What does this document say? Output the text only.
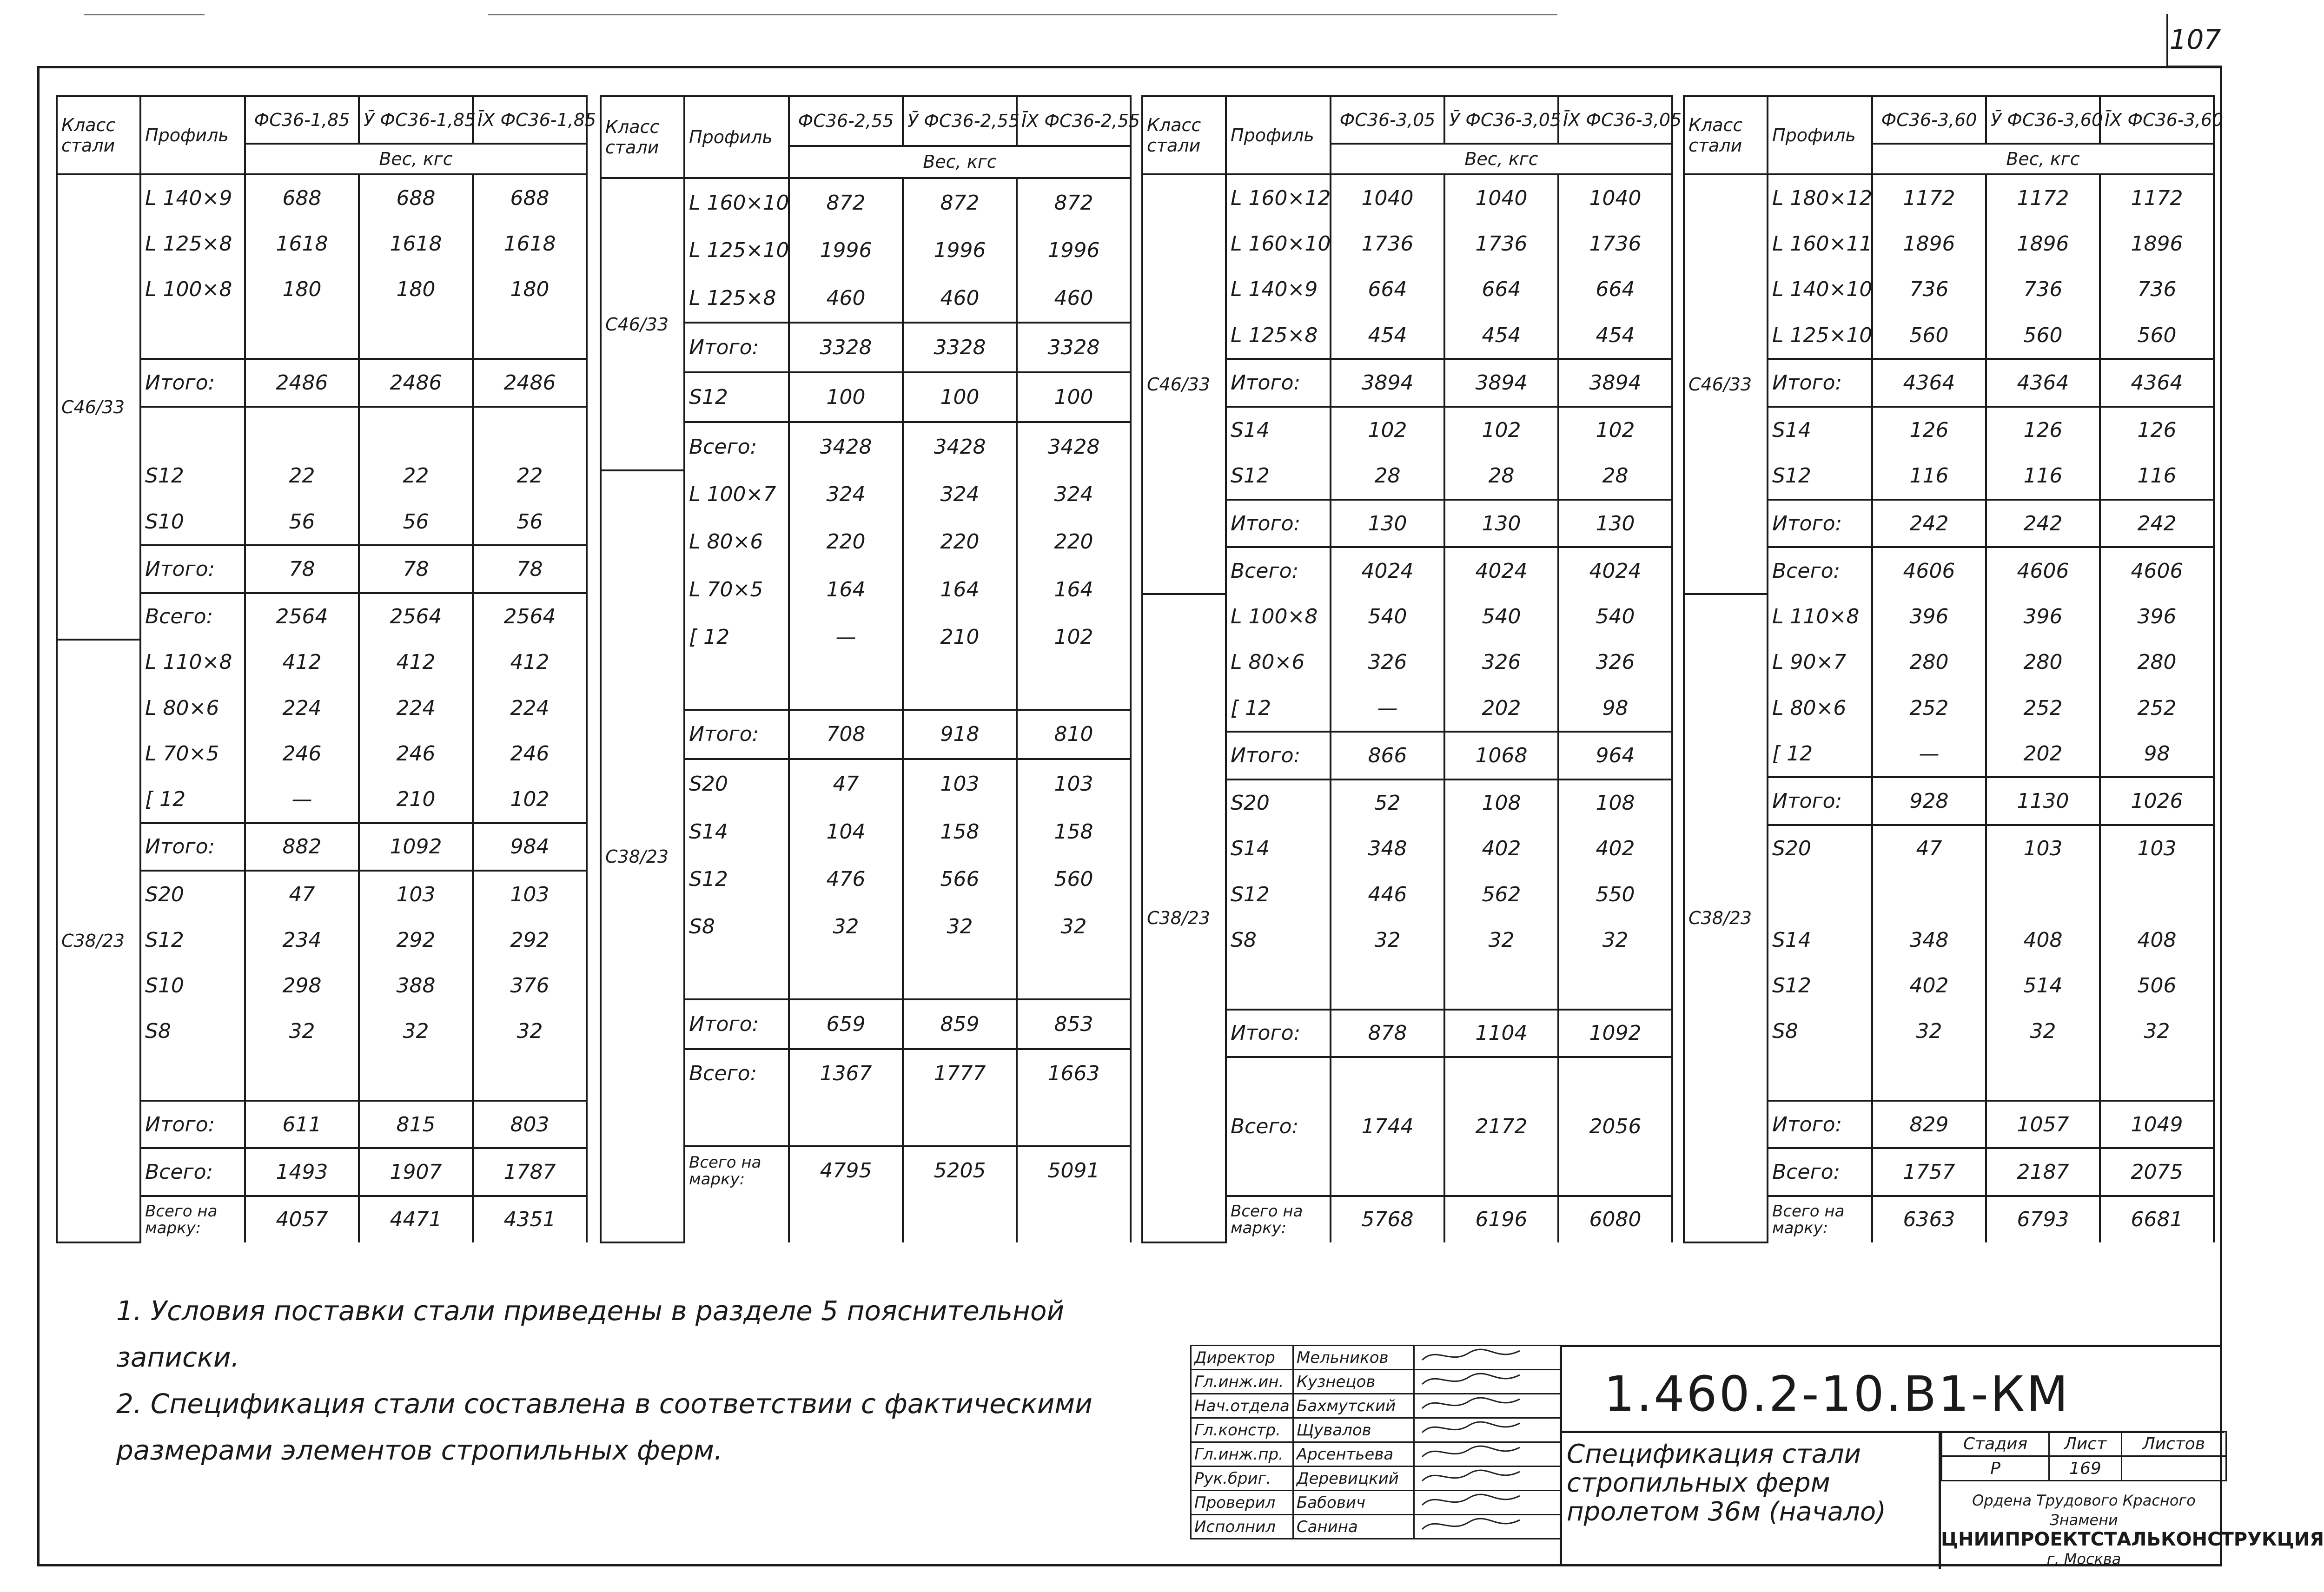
107
Класс стали	Профиль	ФС36-1,85	Ӯ ФС36-1,85	ĪX ФС36-1,85
		Вес, кгс		
С46/33	L 140×9	688	688	688
	L 125×8	1618	1618	1618
	L 100×8	180	180	180

	Итого:	2486	2486	2486

	S12	22	22	22
	S10	56	56	56
	Итого:	78	78	78
	Всего:	2564	2564	2564
С38/23	L 110×8	412	412	412
	L 80×6	224	224	224
	L 70×5	246	246	246
	[ 12	—	210	102
	Итого:	882	1092	984
	S20	47	103	103
	S12	234	292	292
	S10	298	388	376
	S8	32	32	32

	Итого:	611	815	803
	Всего:	1493	1907	1787
	Всего на марку:	4057	4471	4351
Класс стали	Профиль	ФС36-2,55	Ӯ ФС36-2,55	ĪX ФС36-2,55
		Вес, кгс		
С46/33	L 160×10	872	872	872
	L 125×10	1996	1996	1996
	L 125×8	460	460	460
	Итого:	3328	3328	3328
	S12	100	100	100
	Всего:	3428	3428	3428
С38/23	L 100×7	324	324	324
	L 80×6	220	220	220
	L 70×5	164	164	164
	[ 12	—	210	102

	Итого:	708	918	810
	S20	47	103	103
	S14	104	158	158
	S12	476	566	560
	S8	32	32	32

	Итого:	659	859	853
	Всего:	1367	1777	1663

	Всего на марку:	4795	5205	5091

Класс стали	Профиль	ФС36-3,05	Ӯ ФС36-3,05	ĪX ФС36-3,05
		Вес, кгс		
С46/33	L 160×12	1040	1040	1040
	L 160×10	1736	1736	1736
	L 140×9	664	664	664
	L 125×8	454	454	454
	Итого:	3894	3894	3894
	S14	102	102	102
	S12	28	28	28
	Итого:	130	130	130
	Всего:	4024	4024	4024
С38/23	L 100×8	540	540	540
	L 80×6	326	326	326
	[ 12	—	202	98
	Итого:	866	1068	964
	S20	52	108	108
	S14	348	402	402
	S12	446	562	550
	S8	32	32	32

	Итого:	878	1104	1092

	Всего:	1744	2172	2056

	Всего на марку:	5768	6196	6080
Класс стали	Профиль	ФС36-3,60	Ӯ ФС36-3,60	ĪX ФС36-3,60
		Вес, кгс		
С46/33	L 180×12	1172	1172	1172
	L 160×11	1896	1896	1896
	L 140×10	736	736	736
	L 125×10	560	560	560
	Итого:	4364	4364	4364
	S14	126	126	126
	S12	116	116	116
	Итого:	242	242	242
	Всего:	4606	4606	4606
С38/23	L 110×8	396	396	396
	L 90×7	280	280	280
	L 80×6	252	252	252
	[ 12	—	202	98
	Итого:	928	1130	1026
	S20	47	103	103

	S14	348	408	408
	S12	402	514	506
	S8	32	32	32

	Итого:	829	1057	1049
	Всего:	1757	2187	2075
	Всего на марку:	6363	6793	6681

1. Условия поставки стали приведены в разделе 5 пояснительной записки.

2. Спецификация стали составлена в соответствии с фактическими размерами элементов стропильных ферм.

Директор	Мельников	
Гл.инж.ин.	Кузнецов	
Нач.отдела	Бахмутский	
Гл.констр.	Щувалов	
Гл.инж.пр.	Арсентьева	
Рук.бриг.	Деревицкий	
Проверил	Бабович	
Исполнил	Санина	
1.460.2-10.В1-КМ
Спецификация стали стропильных ферм пролетом 36м (начало)
Стадия	Лист	Листов
Р	169	
Ордена Трудового Красного Знамени
ЦНИИПРОЕКТСТАЛЬКОНСТРУКЦИЯ
г. Москва
